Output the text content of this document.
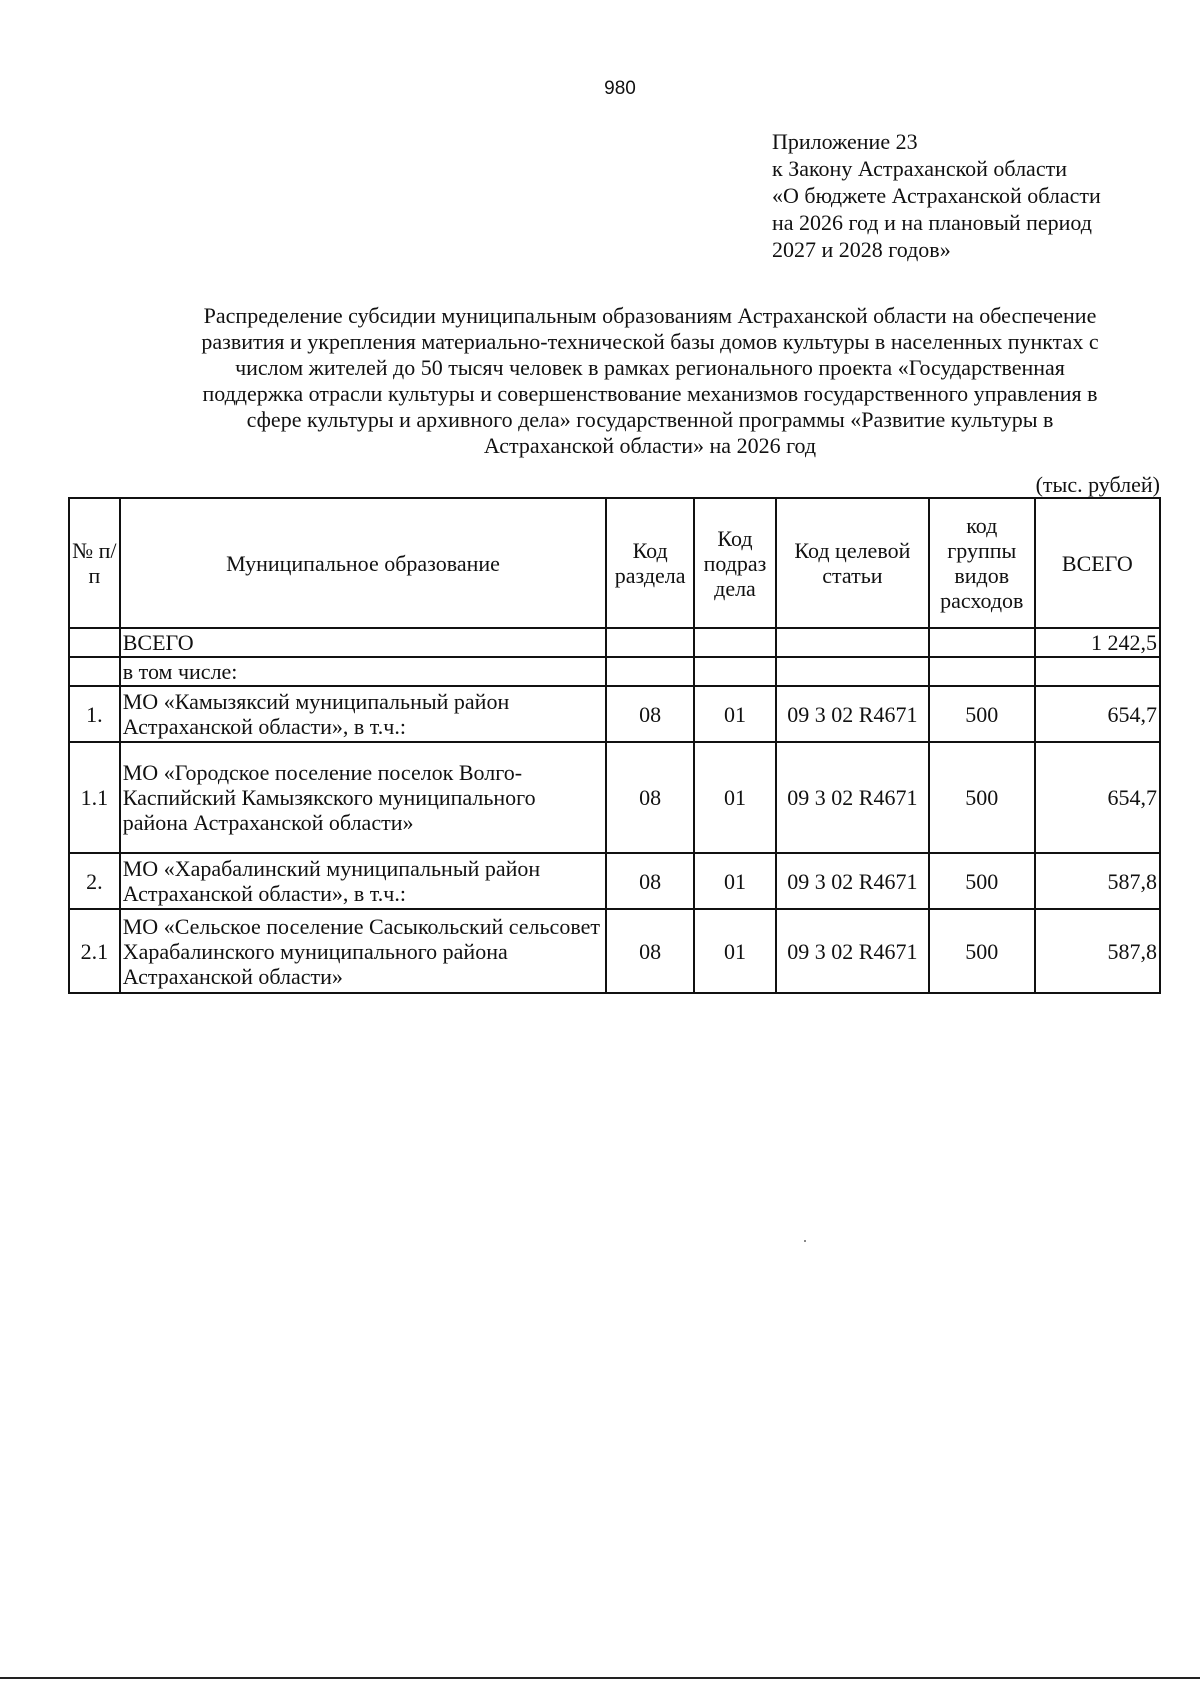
980
Приложение 23
к Закону Астраханской области
«О бюджете Астраханской области
на 2026 год и на плановый период
2027 и 2028 годов»
Распределение субсидии муниципальным образованиям Астраханской области на обеспечение
развития и укрепления материально-технической базы домов культуры в населенных пунктах с
числом жителей до 50 тысяч человек в рамках регионального проекта «Государственная
поддержка отрасли культуры и совершенствование механизмов государственного управления в
сфере культуры и архивного дела» государственной программы «Развитие культуры в
Астраханской области» на 2026 год
(тыс. рублей)
№ п/п	Муниципальное образование	Код раздела	Код подраз дела	Код целевой статьи	код группы видов расходов	ВСЕГО
	ВСЕГО					1 242,5
	в том числе:					
1.	МО «Камызяксий муниципальный район Астраханской области», в т.ч.:	08	01	09 3 02 R4671	500	654,7
1.1	МО «Городское поселение поселок Волго-Каспийский Камызякского муниципального района Астраханской области»	08	01	09 3 02 R4671	500	654,7
2.	МО «Харабалинский муниципальный район Астраханской области», в т.ч.:	08	01	09 3 02 R4671	500	587,8
2.1	МО «Сельское поселение Сасыкольский сельсовет Харабалинского муниципального района Астраханской области»	08	01	09 3 02 R4671	500	587,8
